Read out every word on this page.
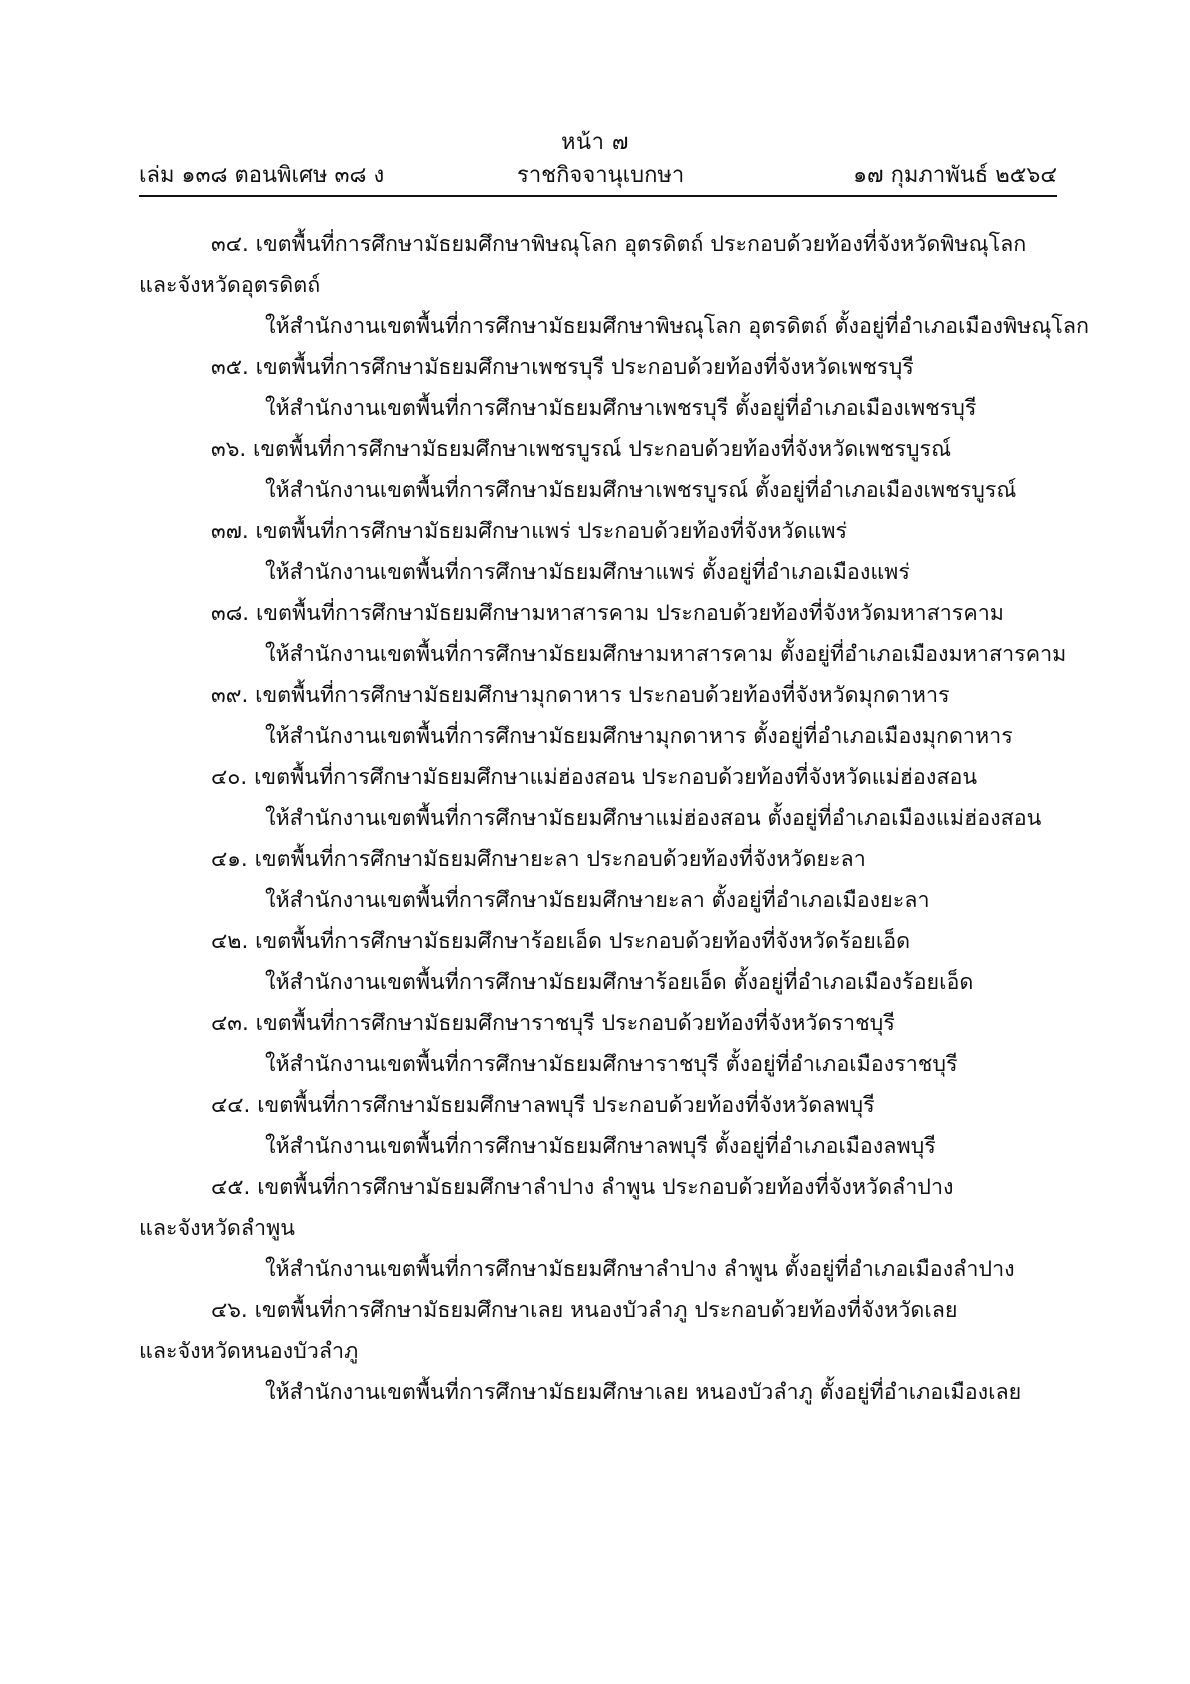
หน้า ๗
เล่ม ๑๓๘ ตอนพิเศษ ๓๘ ง	ราชกิจจานุเบกษา	๑๗ กุมภาพันธ์ ๒๕๖๔
๓๔. เขตพื้นที่การศึกษามัธยมศึกษาพิษณุโลก อุตรดิตถ์ ประกอบด้วยท้องที่จังหวัดพิษณุโลก
และจังหวัดอุตรดิตถ์
ให้สำนักงานเขตพื้นที่การศึกษามัธยมศึกษาพิษณุโลก อุตรดิตถ์ ตั้งอยู่ที่อำเภอเมืองพิษณุโลก
๓๕. เขตพื้นที่การศึกษามัธยมศึกษาเพชรบุรี ประกอบด้วยท้องที่จังหวัดเพชรบุรี
ให้สำนักงานเขตพื้นที่การศึกษามัธยมศึกษาเพชรบุรี ตั้งอยู่ที่อำเภอเมืองเพชรบุรี
๓๖. เขตพื้นที่การศึกษามัธยมศึกษาเพชรบูรณ์ ประกอบด้วยท้องที่จังหวัดเพชรบูรณ์
ให้สำนักงานเขตพื้นที่การศึกษามัธยมศึกษาเพชรบูรณ์ ตั้งอยู่ที่อำเภอเมืองเพชรบูรณ์
๓๗. เขตพื้นที่การศึกษามัธยมศึกษาแพร่ ประกอบด้วยท้องที่จังหวัดแพร่
ให้สำนักงานเขตพื้นที่การศึกษามัธยมศึกษาแพร่ ตั้งอยู่ที่อำเภอเมืองแพร่
๓๘. เขตพื้นที่การศึกษามัธยมศึกษามหาสารคาม ประกอบด้วยท้องที่จังหวัดมหาสารคาม
ให้สำนักงานเขตพื้นที่การศึกษามัธยมศึกษามหาสารคาม ตั้งอยู่ที่อำเภอเมืองมหาสารคาม
๓๙. เขตพื้นที่การศึกษามัธยมศึกษามุกดาหาร ประกอบด้วยท้องที่จังหวัดมุกดาหาร
ให้สำนักงานเขตพื้นที่การศึกษามัธยมศึกษามุกดาหาร ตั้งอยู่ที่อำเภอเมืองมุกดาหาร
๔๐. เขตพื้นที่การศึกษามัธยมศึกษาแม่ฮ่องสอน ประกอบด้วยท้องที่จังหวัดแม่ฮ่องสอน
ให้สำนักงานเขตพื้นที่การศึกษามัธยมศึกษาแม่ฮ่องสอน ตั้งอยู่ที่อำเภอเมืองแม่ฮ่องสอน
๔๑. เขตพื้นที่การศึกษามัธยมศึกษายะลา ประกอบด้วยท้องที่จังหวัดยะลา
ให้สำนักงานเขตพื้นที่การศึกษามัธยมศึกษายะลา ตั้งอยู่ที่อำเภอเมืองยะลา
๔๒. เขตพื้นที่การศึกษามัธยมศึกษาร้อยเอ็ด ประกอบด้วยท้องที่จังหวัดร้อยเอ็ด
ให้สำนักงานเขตพื้นที่การศึกษามัธยมศึกษาร้อยเอ็ด ตั้งอยู่ที่อำเภอเมืองร้อยเอ็ด
๔๓. เขตพื้นที่การศึกษามัธยมศึกษาราชบุรี ประกอบด้วยท้องที่จังหวัดราชบุรี
ให้สำนักงานเขตพื้นที่การศึกษามัธยมศึกษาราชบุรี ตั้งอยู่ที่อำเภอเมืองราชบุรี
๔๔. เขตพื้นที่การศึกษามัธยมศึกษาลพบุรี ประกอบด้วยท้องที่จังหวัดลพบุรี
ให้สำนักงานเขตพื้นที่การศึกษามัธยมศึกษาลพบุรี ตั้งอยู่ที่อำเภอเมืองลพบุรี
๔๕. เขตพื้นที่การศึกษามัธยมศึกษาลำปาง ลำพูน ประกอบด้วยท้องที่จังหวัดลำปาง
และจังหวัดลำพูน
ให้สำนักงานเขตพื้นที่การศึกษามัธยมศึกษาลำปาง ลำพูน ตั้งอยู่ที่อำเภอเมืองลำปาง
๔๖. เขตพื้นที่การศึกษามัธยมศึกษาเลย หนองบัวลำภู ประกอบด้วยท้องที่จังหวัดเลย
และจังหวัดหนองบัวลำภู
ให้สำนักงานเขตพื้นที่การศึกษามัธยมศึกษาเลย หนองบัวลำภู ตั้งอยู่ที่อำเภอเมืองเลย
